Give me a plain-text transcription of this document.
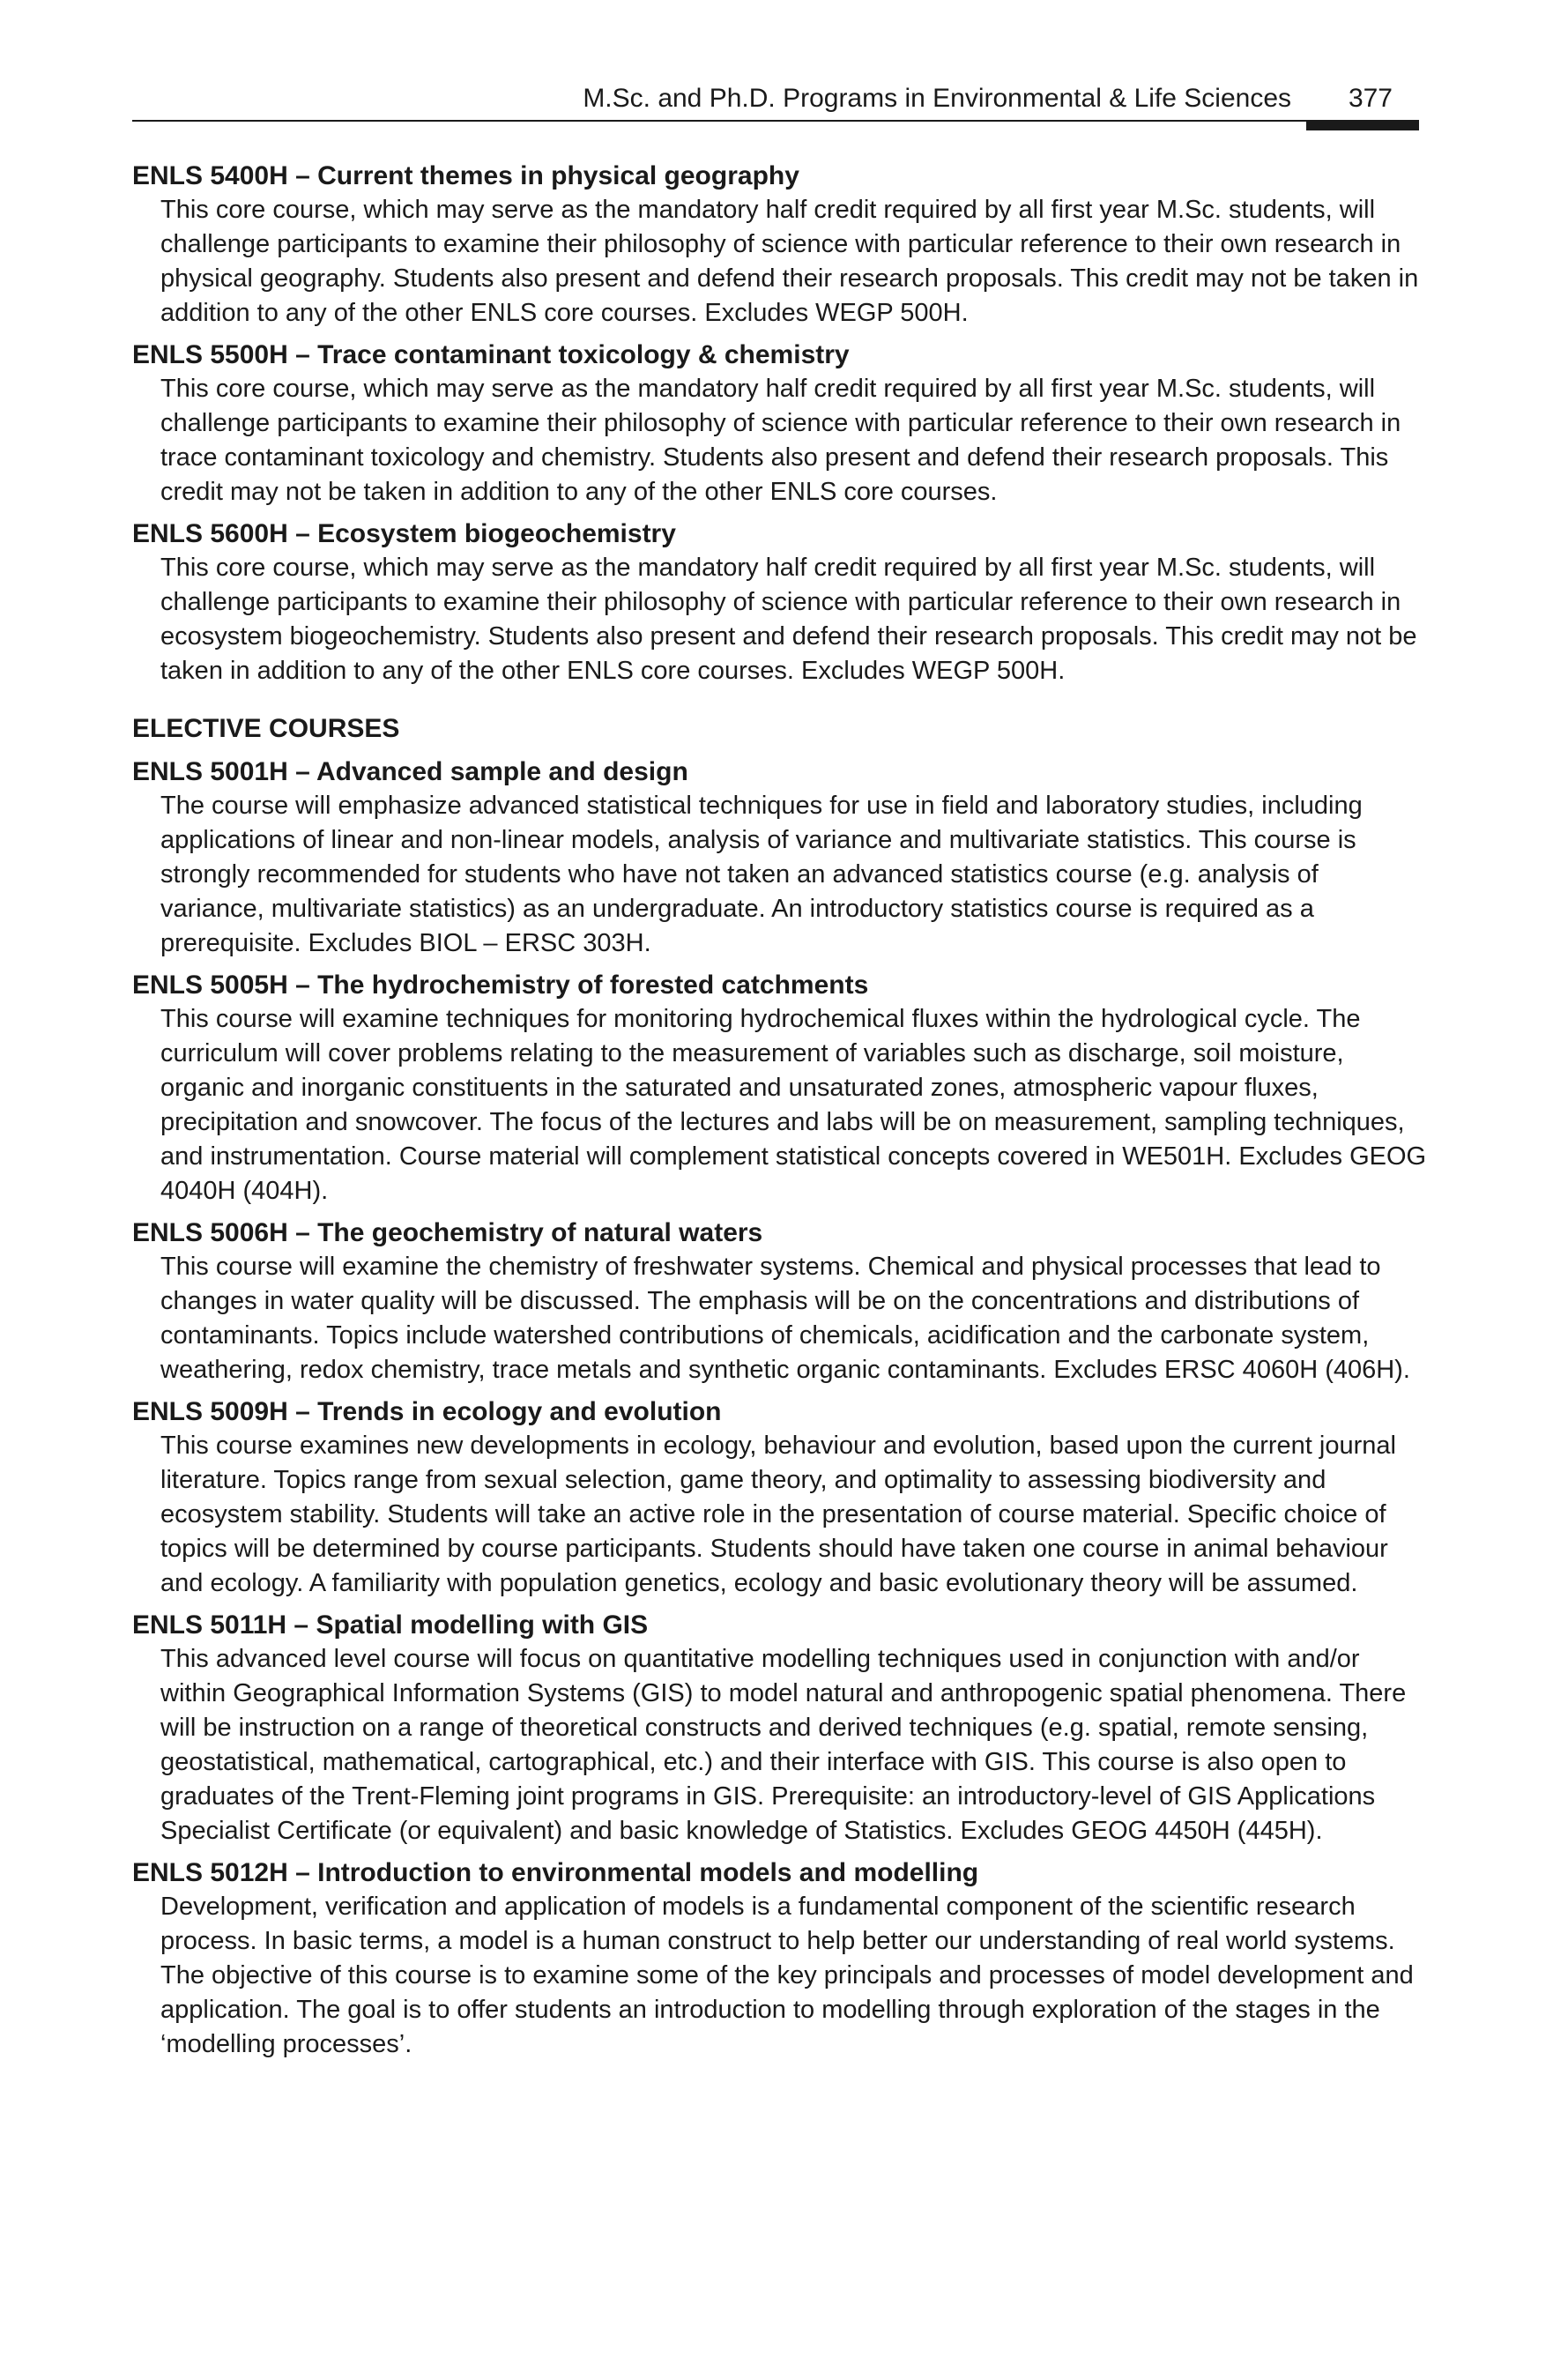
M.Sc. and Ph.D. Programs in Environmental & Life Sciences 377

ENLS 5400H – Current themes in physical geography

This core course, which may serve as the mandatory half credit required by all first year M.Sc. students, will challenge participants to examine their philosophy of science with particular reference to their own research in physical geography. Students also present and defend their research proposals. This credit may not be taken in addition to any of the other ENLS core courses. Excludes WEGP 500H.

ENLS 5500H – Trace contaminant toxicology & chemistry

This core course, which may serve as the mandatory half credit required by all first year M.Sc. students, will challenge participants to examine their philosophy of science with particular reference to their own research in trace contaminant toxicology and chemistry. Students also present and defend their research proposals. This credit may not be taken in addition to any of the other ENLS core courses.

ENLS 5600H – Ecosystem biogeochemistry

This core course, which may serve as the mandatory half credit required by all first year M.Sc. students, will challenge participants to examine their philosophy of science with particular reference to their own research in ecosystem biogeochemistry. Students also present and defend their research proposals. This credit may not be taken in addition to any of the other ENLS core courses. Excludes WEGP 500H.

ELECTIVE COURSES

ENLS 5001H – Advanced sample and design

The course will emphasize advanced statistical techniques for use in field and laboratory studies, including applications of linear and non-linear models, analysis of variance and multivariate statistics. This course is strongly recommended for students who have not taken an advanced statistics course (e.g. analysis of variance, multivariate statistics) as an undergraduate. An introductory statistics course is required as a prerequisite. Excludes BIOL – ERSC 303H.

ENLS 5005H – The hydrochemistry of forested catchments

This course will examine techniques for monitoring hydrochemical fluxes within the hydrological cycle. The curriculum will cover problems relating to the measurement of variables such as discharge, soil moisture, organic and inorganic constituents in the saturated and unsaturated zones, atmospheric vapour fluxes, precipitation and snowcover. The focus of the lectures and labs will be on measurement, sampling techniques, and instrumentation. Course material will complement statistical concepts covered in WE501H. Excludes GEOG 4040H (404H).

ENLS 5006H – The geochemistry of natural waters

This course will examine the chemistry of freshwater systems. Chemical and physical processes that lead to changes in water quality will be discussed. The emphasis will be on the concentrations and distributions of contaminants. Topics include watershed contributions of chemicals, acidification and the carbonate system, weathering, redox chemistry, trace metals and synthetic organic contaminants. Excludes ERSC 4060H (406H).

ENLS 5009H – Trends in ecology and evolution

This course examines new developments in ecology, behaviour and evolution, based upon the current journal literature. Topics range from sexual selection, game theory, and optimality to assessing biodiversity and ecosystem stability. Students will take an active role in the presentation of course material. Specific choice of topics will be determined by course participants. Students should have taken one course in animal behaviour and ecology. A familiarity with population genetics, ecology and basic evolutionary theory will be assumed.

ENLS 5011H – Spatial modelling with GIS

This advanced level course will focus on quantitative modelling techniques used in conjunction with and/or within Geographical Information Systems (GIS) to model natural and anthropogenic spatial phenomena. There will be instruction on a range of theoretical constructs and derived techniques (e.g. spatial, remote sensing, geostatistical, mathematical, cartographical, etc.) and their interface with GIS. This course is also open to graduates of the Trent-Fleming joint programs in GIS. Prerequisite: an introductory-level of GIS Applications Specialist Certificate (or equivalent) and basic knowledge of Statistics. Excludes GEOG 4450H (445H).

ENLS 5012H – Introduction to environmental models and modelling

Development, verification and application of models is a fundamental component of the scientific research process. In basic terms, a model is a human construct to help better our understanding of real world systems. The objective of this course is to examine some of the key principals and processes of model development and application. The goal is to offer students an introduction to modelling through exploration of the stages in the ‘modelling processes’.
